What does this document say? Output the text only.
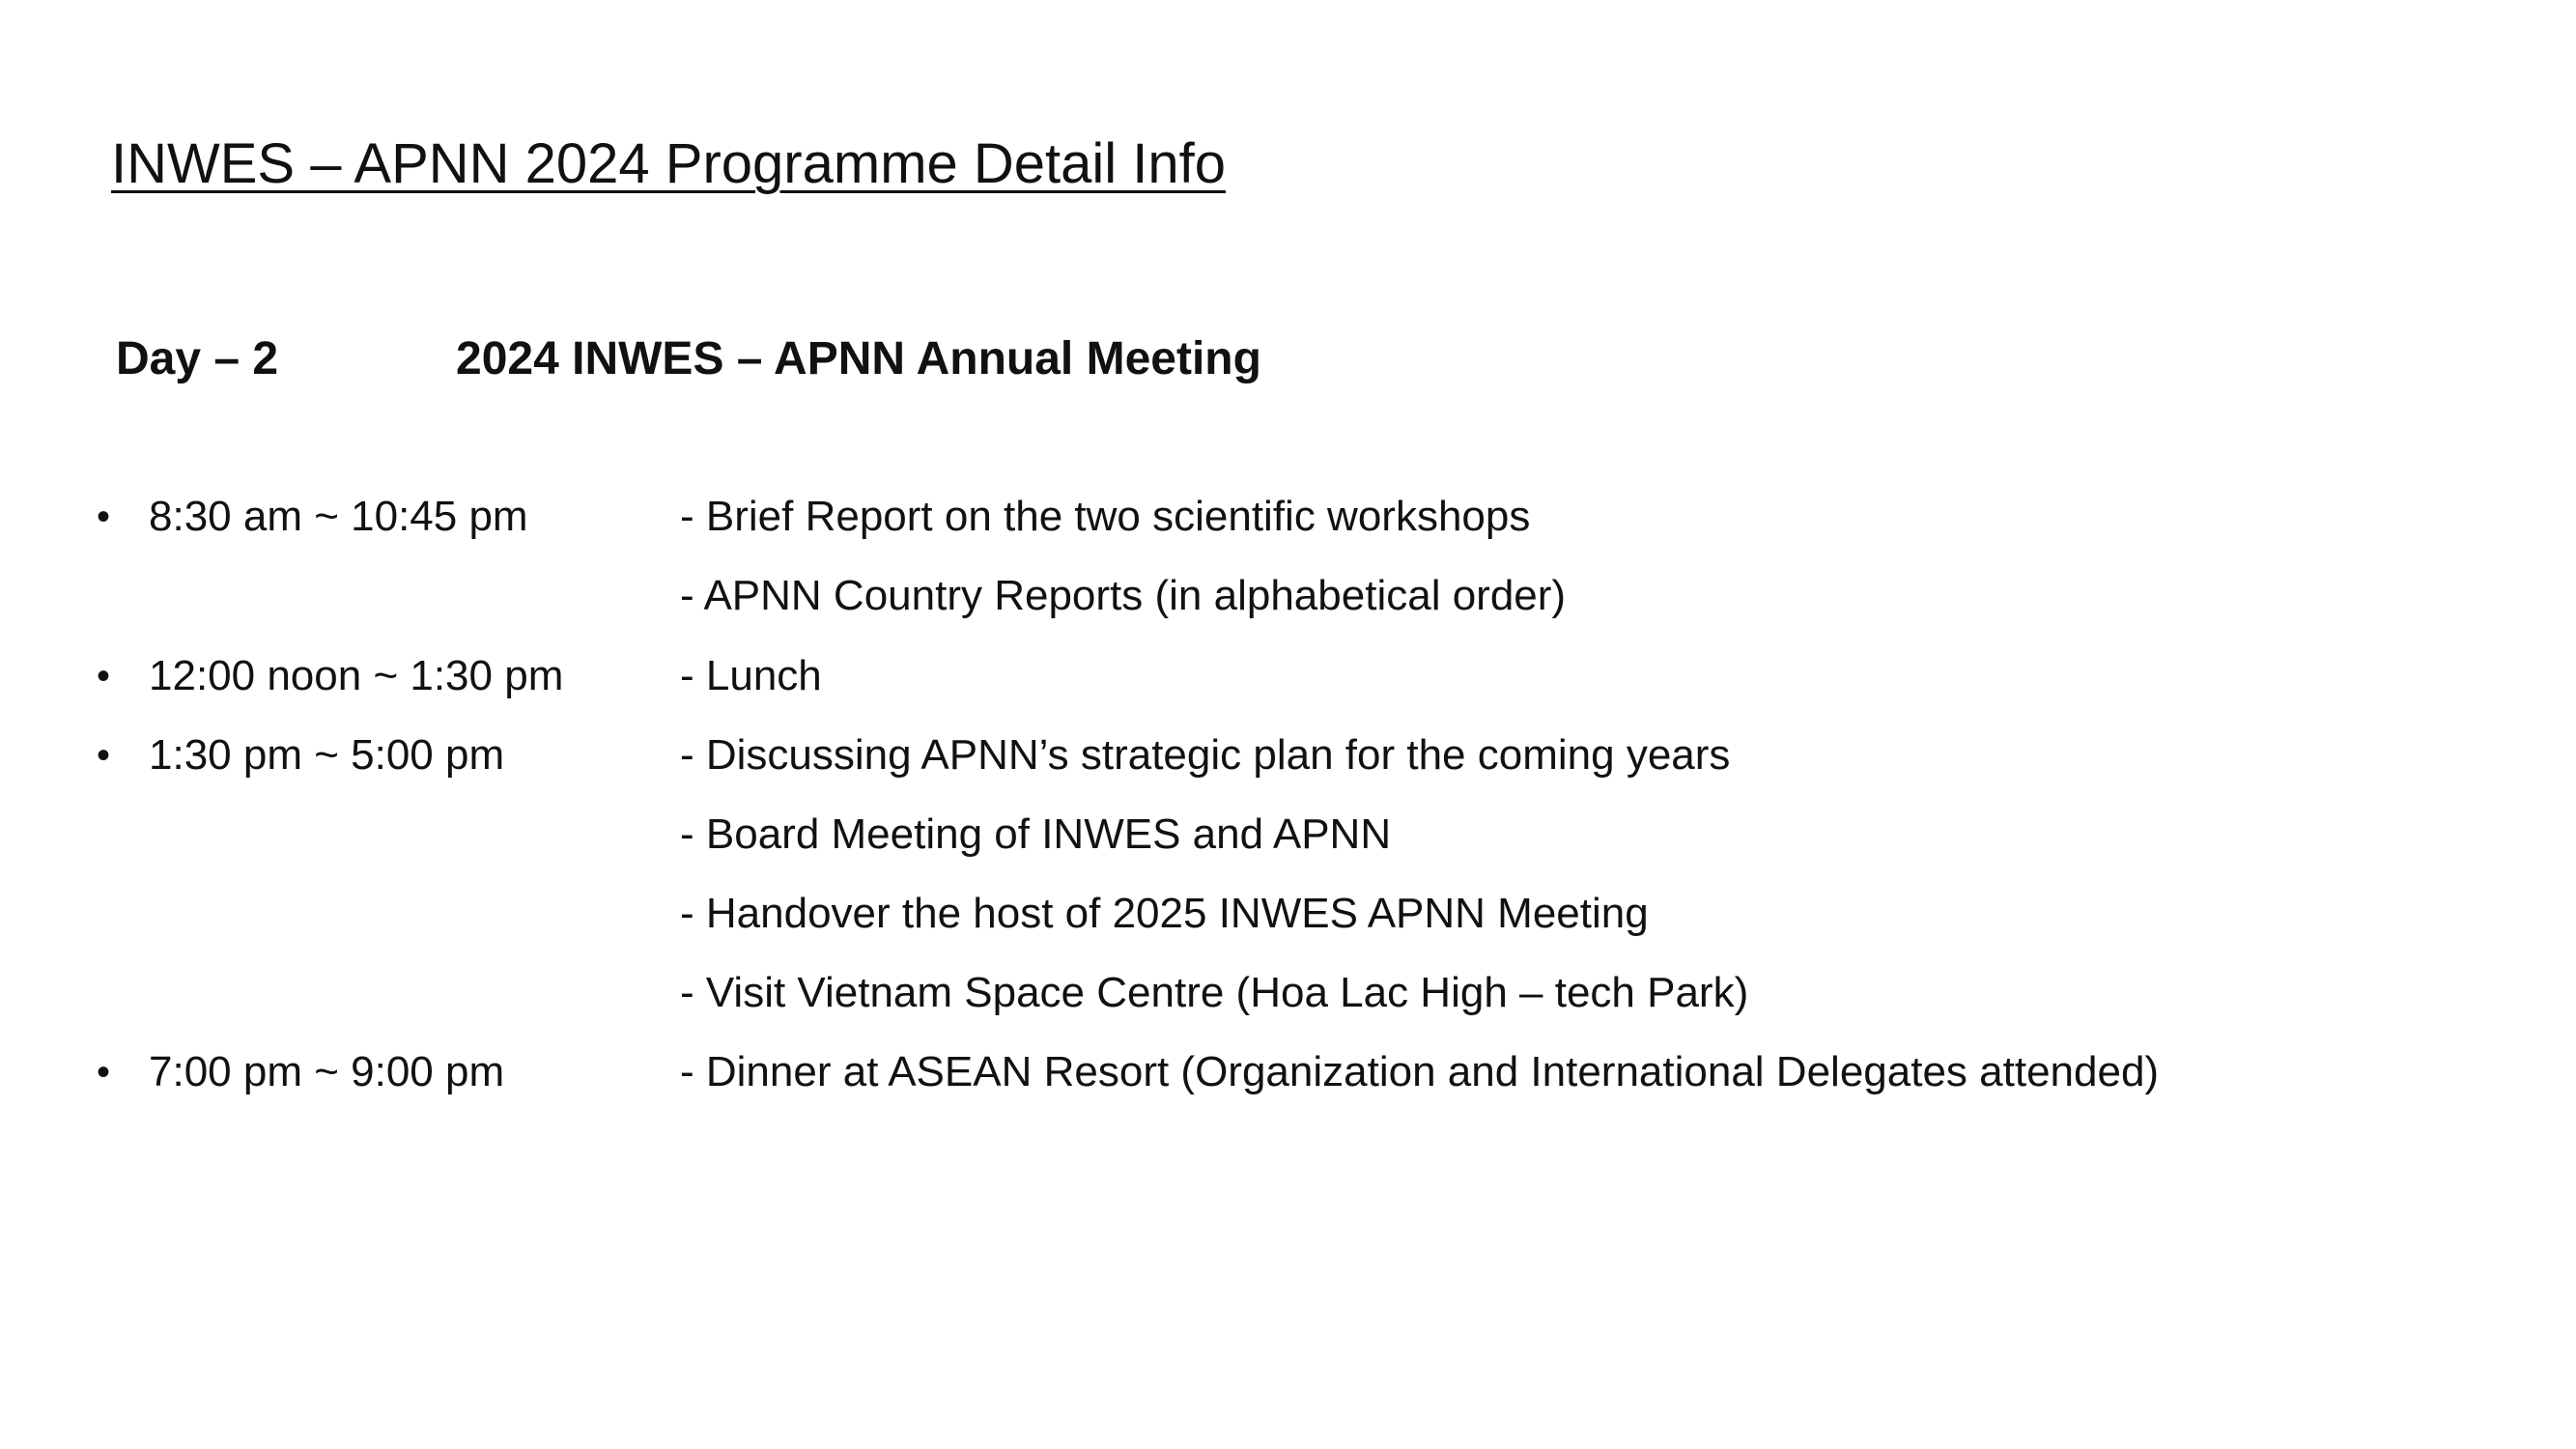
INWES – APNN 2024 Programme Detail Info
Day – 2	2024 INWES – APNN Annual Meeting
• 8:30 am ~ 10:45 pm	- Brief Report on the two scientific workshops
- APNN Country Reports (in alphabetical order)
• 12:00 noon ~ 1:30 pm	- Lunch
• 1:30 pm ~ 5:00 pm	- Discussing APNN’s strategic plan for the coming years
- Board Meeting of INWES and APNN
- Handover the host of 2025 INWES APNN Meeting
- Visit Vietnam Space Centre (Hoa Lac High – tech Park)
• 7:00 pm ~ 9:00 pm	- Dinner at ASEAN Resort (Organization and International Delegates attended)
